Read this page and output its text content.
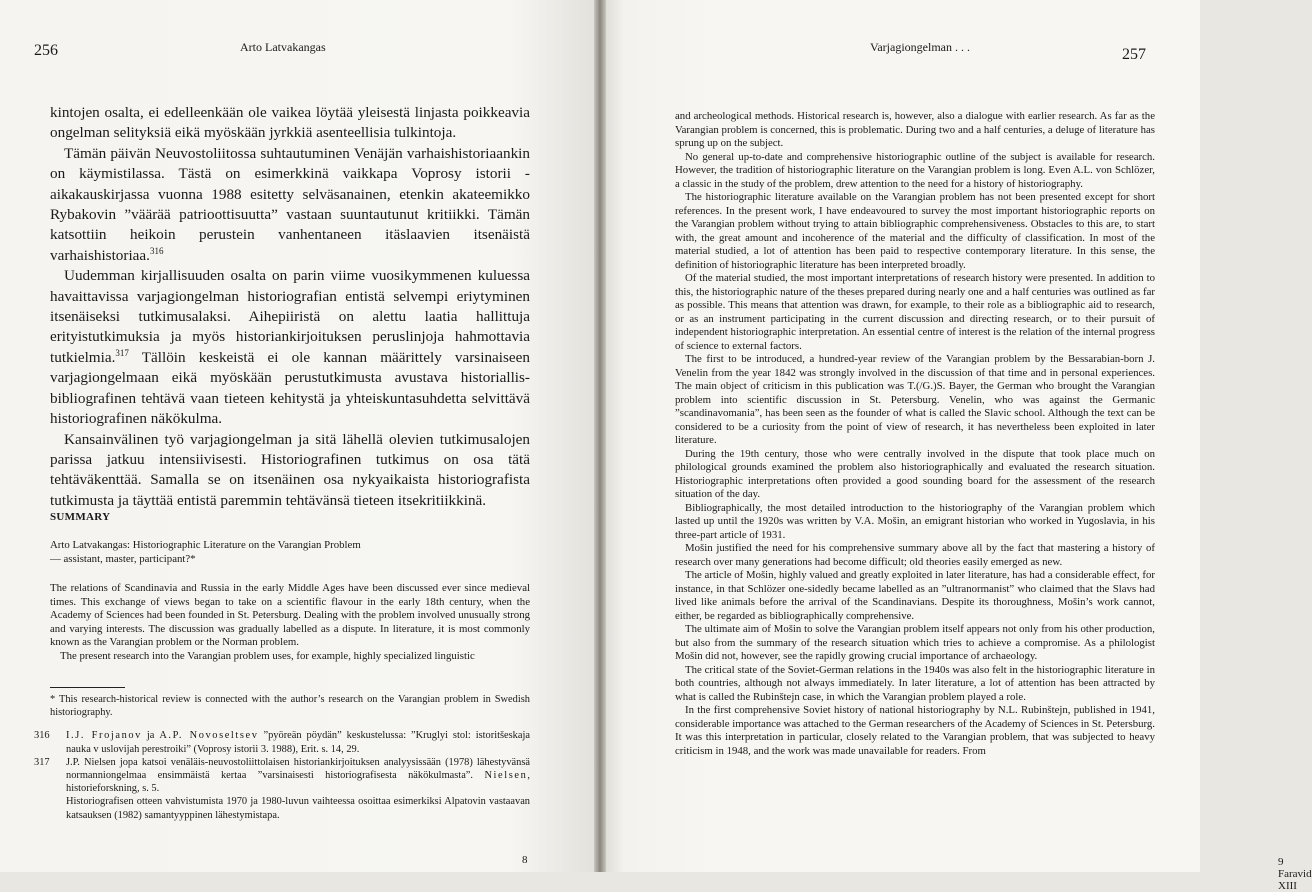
256	Arto Latvakangas

kintojen osalta, ei edelleenkään ole vaikea löytää yleisestä linjasta poikkeavia ongelman selityksiä eikä myöskään jyrkkiä asenteellisia tulkintoja.

Tämän päivän Neuvostoliitossa suhtautuminen Venäjän varhaishistoriaankin on käymistilassa. Tästä on esimerkkinä vaikkapa Voprosy istorii -aikakauskirjassa vuonna 1988 esitetty selväsanainen, etenkin akateemikko Rybakovin ”väärää patrioottisuutta” vastaan suuntautunut kritiikki. Tämän katsottiin heikoin perustein vanhentaneen itäslaavien itsenäistä varhaishistoriaa.$^{316}$

Uudemman kirjallisuuden osalta on parin viime vuosikymmenen kuluessa havaittavissa varjagiongelman historiografian entistä selvempi eriytyminen itsenäiseksi tutkimusalaksi. Aihepiiristä on alettu laatia hallittuja erityistutkimuksia ja myös historiankirjoituksen peruslinjoja hahmottavia tutkielmia.$^{317}$ Tällöin keskeistä ei ole kannan määrittely varsinaiseen varjagiongelmaan eikä myöskään perustutkimusta avustava historiallis-bibliografinen tehtävä vaan tieteen kehitystä ja yhteiskuntasuhdetta selvittävä historiografinen näkökulma.

Kansainvälinen työ varjagiongelman ja sitä lähellä olevien tutkimusalojen parissa jatkuu intensiivisesti. Historiografinen tutkimus on osa tätä tehtäväkenttää. Samalla se on itsenäinen osa nykyaikaista historiografista tutkimusta ja täyttää entistä paremmin tehtävänsä tieteen itsekritiikkinä.

SUMMARY
Arto Latvakangas: Historiographic Literature on the Varangian Problem
— assistant, master, participant?*

The relations of Scandinavia and Russia in the early Middle Ages have been discussed ever since medieval times. This exchange of views began to take on a scientific flavour in the early 18th century, when the Academy of Sciences had been founded in St. Petersburg. Dealing with the problem involved unusually strong and varying interests. The discussion was gradually labelled as a dispute. In literature, it is most commonly known as the Varangian problem or the Norman problem.

The present research into the Varangian problem uses, for example, highly specialized linguistic

* This research-historical review is connected with the author’s research on the Varangian problem in Swedish historiography.

316 I.J. Frojanov ja A.P. Novoseltsev ”pyöreän pöydän” keskustelussa: ”Kruglyi stol: istoritšeskaja nauka v uslovijah perestroiki” (Voprosy istorii 3. 1988), Erit. s. 14, 29.

317 J.P. Nielsen jopa katsoi venäläis-neuvostoliittolaisen historiankirjoituksen analyysissään (1978) lähestyvänsä normanniongelmaa ensimmäistä kertaa ”varsinaisesti historiografisesta näkökulmasta”. Nielsen, historieforskning, s. 5.

Historiografisen otteen vahvistumista 1970 ja 1980-luvun vaihteessa osoittaa esimerkiksi Alpatovin vastaavan katsauksen (1982) samantyyppinen lähestymistapa.

8
Varjagiongelman . . .	257

and archeological methods. Historical research is, however, also a dialogue with earlier research. As far as the Varangian problem is concerned, this is problematic. During two and a half centuries, a deluge of literature has sprung up on the subject.

No general up-to-date and comprehensive historiographic outline of the subject is available for research. However, the tradition of historiographic literature on the Varangian problem is long. Even A.L. von Schlözer, a classic in the study of the problem, drew attention to the need for a history of historiography.

The historiographic literature available on the Varangian problem has not been presented except for short references. In the present work, I have endeavoured to survey the most important historiographic reports on the Varangian problem without trying to attain bibliographic comprehensiveness. Obstacles to this are, to start with, the great amount and incoherence of the material and the difficulty of classification. In most of the material studied, a lot of attention has been paid to respective contemporary literature. In this sense, the definition of historiographic literature has been interpreted broadly.

Of the material studied, the most important interpretations of research history were presented. In addition to this, the historiographic nature of the theses prepared during nearly one and a half centuries was outlined as far as possible. This means that attention was drawn, for example, to their role as a bibliographic aid to research, or as an instrument participating in the current discussion and directing research, or to their pursuit of independent historiographic interpretation. An essential centre of interest is the relation of the internal progress of science to external factors.

The first to be introduced, a hundred-year review of the Varangian problem by the Bessarabian-born J. Venelin from the year 1842 was strongly involved in the discussion of that time and in personal experiences. The main object of criticism in this publication was T.(/G.)S. Bayer, the German who brought the Varangian problem into scientific discussion in St. Petersburg. Venelin, who was against the Germanic ”scandinavomania”, has been seen as the founder of what is called the Slavic school. Although the text can be considered to be a curiosity from the point of view of research, it has nevertheless been exploited in later literature.

During the 19th century, those who were centrally involved in the dispute that took place much on philological grounds examined the problem also historiographically and evaluated the research situation. Historiographic interpretations often provided a good sounding board for the assessment of the research situation of the day.

Bibliographically, the most detailed introduction to the historiography of the Varangian problem which lasted up until the 1920s was written by V.A. Mošin, an emigrant historian who worked in Yugoslavia, in his three-part article of 1931.

Mošin justified the need for his comprehensive summary above all by the fact that mastering a history of research over many generations had become difficult; old theories easily emerged as new.

The article of Mošin, highly valued and greatly exploited in later literature, has had a considerable effect, for instance, in that Schlözer one-sidedly became labelled as an ”ultranormanist” who claimed that the Slavs had lived like animals before the arrival of the Scandinavians. Despite its thoroughness, Mošin’s work cannot, either, be regarded as bibliographically comprehensive.

The ultimate aim of Mošin to solve the Varangian problem itself appears not only from his other production, but also from the summary of the research situation which tries to achieve a compromise. As a philologist Mošin did not, however, see the rapidly growing crucial importance of archaeology.

The critical state of the Soviet-German relations in the 1940s was also felt in the historiographic literature in both countries, although not always immediately. In later literature, a lot of attention has been attracted by what is called the Rubinštejn case, in which the Varangian problem played a role.

In the first comprehensive Soviet history of national historiography by N.L. Rubinštejn, published in 1941, considerable importance was attached to the German researchers of the Academy of Sciences in St. Petersburg. It was this interpretation in particular, closely related to the Varangian problem, that was subjected to heavy criticism in 1948, and the work was made unavailable for readers. From

9 Faravid XIII
